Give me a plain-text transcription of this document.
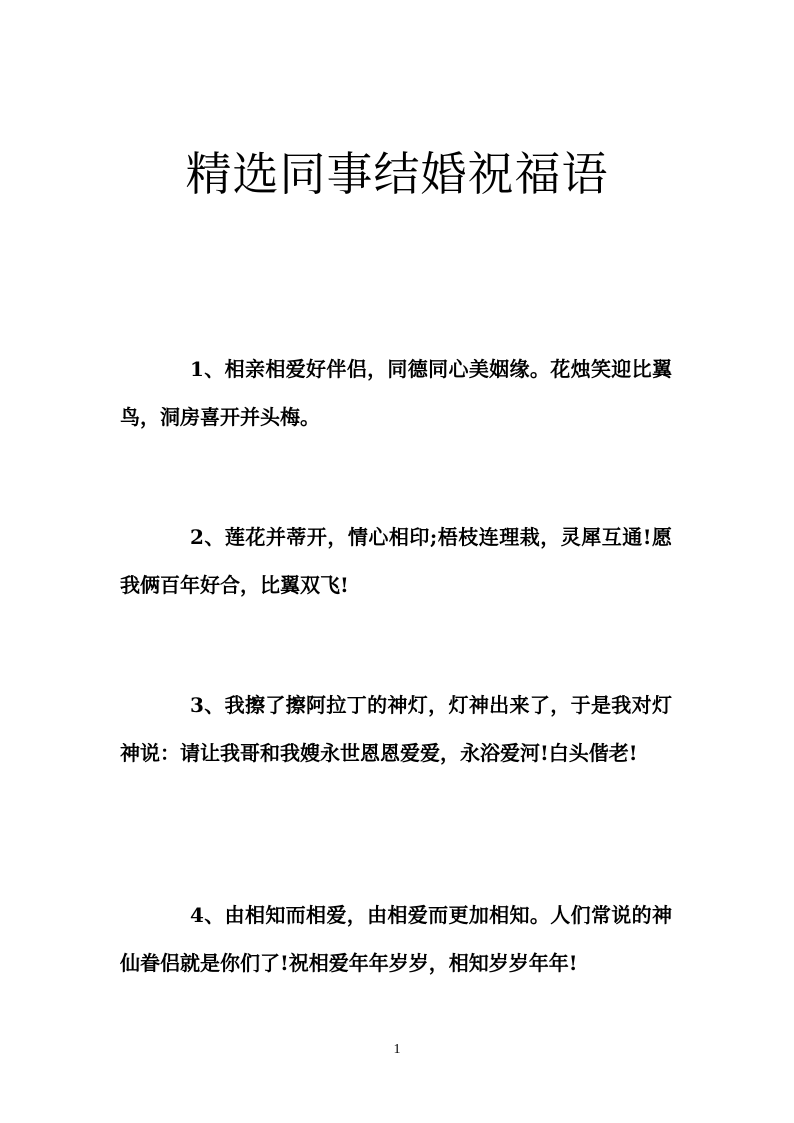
精选同事结婚祝福语

1、相亲相爱好伴侣，同德同心美姻缘。花烛笑迎比翼鸟，洞房喜开并头梅。

2、莲花并蒂开，情心相印;梧枝连理栽，灵犀互通!愿我俩百年好合，比翼双飞!

3、我擦了擦阿拉丁的神灯，灯神出来了，于是我对灯神说：请让我哥和我嫂永世恩恩爱爱，永浴爱河!白头偕老!

4、由相知而相爱，由相爱而更加相知。人们常说的神仙眷侣就是你们了!祝相爱年年岁岁，相知岁岁年年!

1
